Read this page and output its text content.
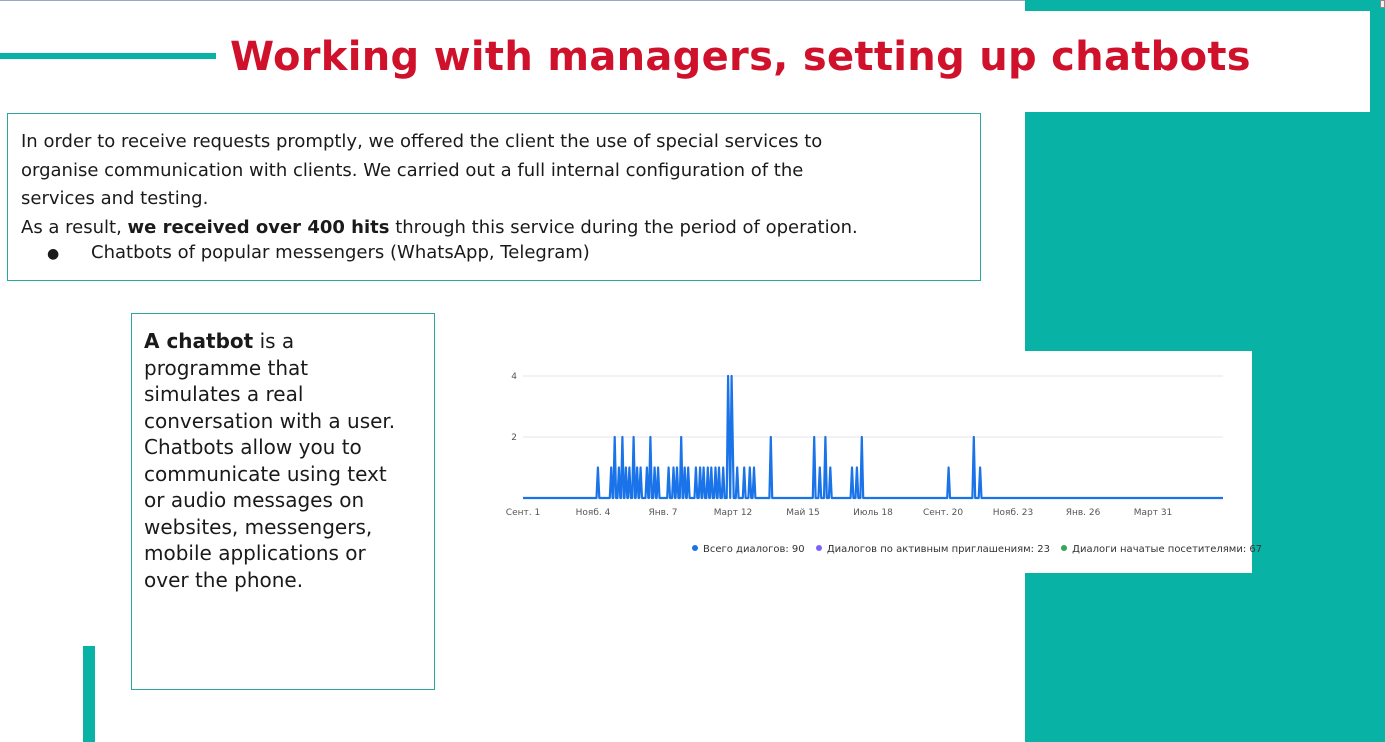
Working with managers, setting up chatbots

In order to receive requests promptly, we offered the client the use of special services to
organise communication with clients. We carried out a full internal configuration of the
services and testing.
As a result, we received over 400 hits through this service during the period of operation.

● Chatbots of popular messengers (WhatsApp, Telegram)
A chatbot is a
programme that
simulates a real
conversation with a user.
Chatbots allow you to
communicate using text
or audio messages on
websites, messengers,
mobile applications or
over the phone.
2
4
Сент. 1	Нояб. 4	Янв. 7	Март 12	Май 15	Июль 18	Сент. 20	Нояб. 23	Янв. 26	Март 31
Всего диалогов: 90 Диалогов по активным приглашениям: 23 Диалоги начатые посетителями: 67
